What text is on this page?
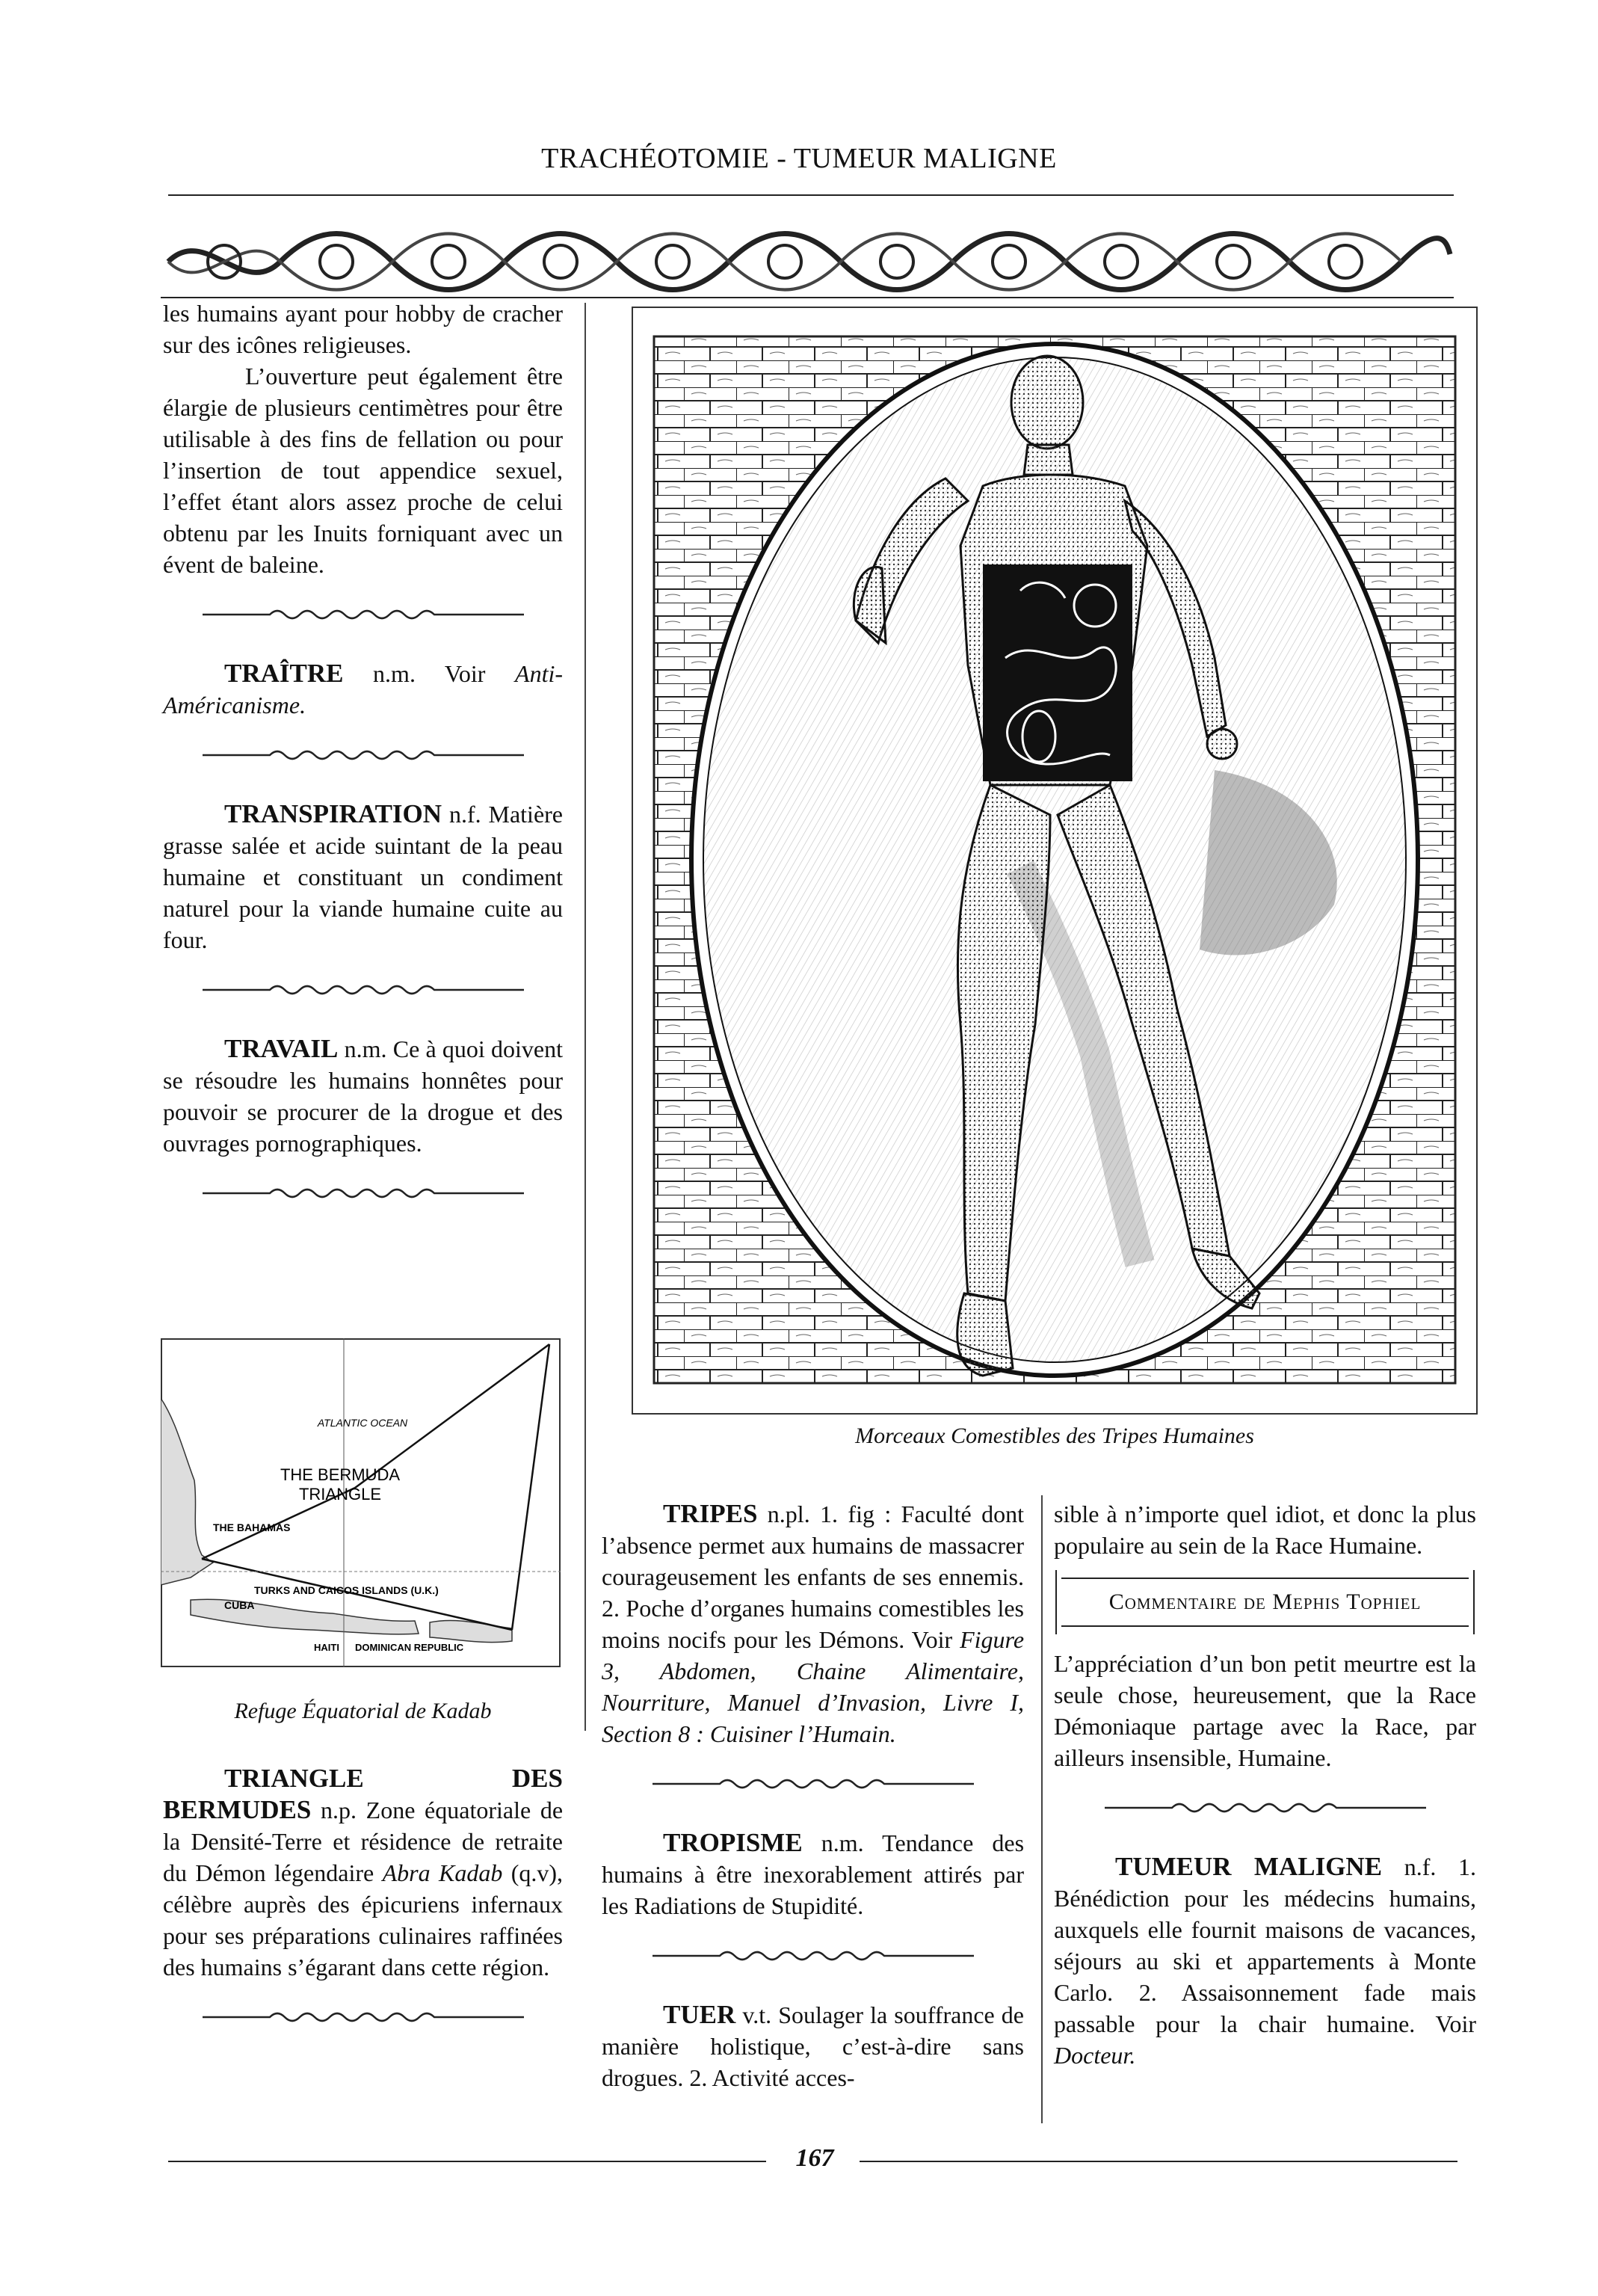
TRACHÉOTOMIE - TUMEUR MALIGNE

les humains ayant pour hobby de cracher sur des icônes religieuses.

L’ouverture peut également être élargie de plusieurs centimètres pour être utilisable à des fins de fellation ou pour l’insertion de tout appendice sexuel, l’effet étant alors assez proche de celui obtenu par les Inuits forniquant avec un évent de baleine.

TRAÎTRE n.m. Voir Anti-Américanisme.

TRANSPIRATION n.f. Matière grasse salée et acide suintant de la peau humaine et constituant un condiment naturel pour la viande humaine cuite au four.

TRAVAIL n.m. Ce à quoi doivent se résoudre les humains honnêtes pour pouvoir se procurer de la drogue et des ouvrages pornographiques.

ATLANTIC OCEAN
THE BERMUDA
TRIANGLE
THE BAHAMAS
TURKS AND CAICOS ISLANDS (U.K.)
CUBA
HAITI DOMINICAN REPUBLIC
Refuge Équatorial de Kadab

TRIANGLE DES BERMUDES n.p. Zone équatoriale de la Densité-Terre et résidence de retraite du Démon légendaire Abra Kadab (q.v), célèbre auprès des épicuriens infernaux pour ses préparations culinaires raffinées des humains s’égarant dans cette région.

Morceaux Comestibles des Tripes Humaines

TRIPES n.pl. 1. fig : Faculté dont l’absence permet aux humains de massacrer courageusement les enfants de ses ennemis. 2. Poche d’organes humains comestibles les moins nocifs pour les Démons. Voir Figure 3, Abdomen, Chaine Alimentaire, Nourriture, Manuel d’Invasion, Livre I, Section 8 : Cuisiner l’Humain.

TROPISME n.m. Tendance des humains à être inexorablement attirés par les Radiations de Stupidité.

TUER v.t. Soulager la souffrance de manière holistique, c’est-à-dire sans drogues. 2. Activité acces-

sible à n’importe quel idiot, et donc la plus populaire au sein de la Race Humaine.

Commentaire de Mephis Tophiel

L’appréciation d’un bon petit meurtre est la seule chose, heureusement, que la Race Démoniaque partage avec la Race, par ailleurs insensible, Humaine.

TUMEUR MALIGNE n.f. 1. Bénédiction pour les médecins humains, auxquels elle fournit maisons de vacances, séjours au ski et appartements à Monte Carlo. 2. Assaisonnement fade mais passable pour la chair humaine. Voir Docteur.

167
